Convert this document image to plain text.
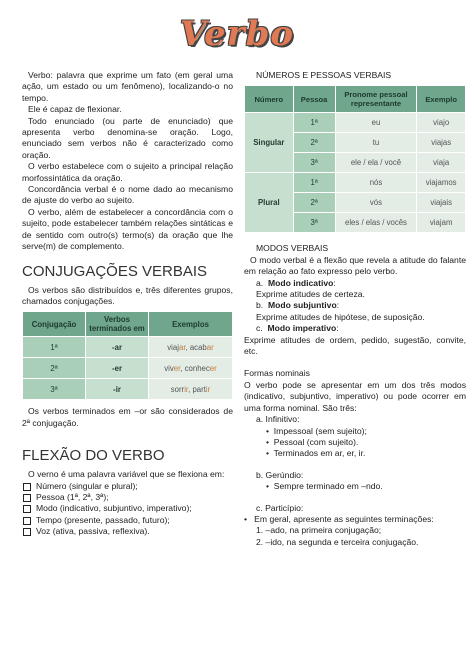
Verbo

Verbo: palavra que exprime um fato (em geral uma ação, um estado ou um fenômeno), localizando-o no tempo.

Ele é capaz de flexionar.

Todo enunciado (ou parte de enunciado) que apresenta verbo denomina-se oração. Logo, enunciado sem verbos não é caracterizado como oração.

O verbo estabelece com o sujeito a principal relação morfossintática da oração.

Concordância verbal é o nome dado ao mecanismo de ajuste do verbo ao sujeito.

O verbo, além de estabelecer a concordância com o sujeito, pode estabelecer também relações sintáticas e de sentido com outro(s) termo(s) da oração que lhe serve(m) de complemento.

CONJUGAÇÕES VERBAIS

Os verbos são distribuídos e, três diferentes grupos, chamados conjugações.

Conjugação	Verbos terminados em	Exemplos
1ª	-ar	viajar, acabar
2ª	-er	viver, conhecer
3ª	-ir	sorrir, partir

Os verbos terminados em –or são considerados de 2ª conjugação.

FLEXÃO DO VERBO

O verno é uma palavra variável que se flexiona em:

Número (singular e plural);
Pessoa (1ª, 2ª, 3ª);
Modo (indicativo, subjuntivo, imperativo);
Tempo (presente, passado, futuro);
Voz (ativa, passiva, reflexiva).
NÚMEROS E PESSOAS VERBAIS
Número	Pessoa	Pronome pessoal representante	Exemplo
Singular	1ª	eu	viajo
	2ª	tu	viajas
	3ª	ele / ela / você	viaja
Plural	1ª	nós	viajamos
	2ª	vós	viajais
	3ª	eles / elas / vocês	viajam
MODOS VERBAIS

O modo verbal é a flexão que revela a atitude do falante em relação ao fato expresso pelo verbo.

a. Modo indicativo:
Exprime atitudes de certeza.
b. Modo subjuntivo:
Exprime atitudes de hipótese, de suposição.
c. Modo imperativo:

Exprime atitudes de ordem, pedido, sugestão, convite, etc.

Formas nominais

O verbo pode se apresentar em um dos três modos (indicativo, subjuntivo, imperativo) ou pode ocorrer em uma forma nominal. São três:

a. Infinitivo:
•  Impessoal (sem sujeito);
•  Pessoal (com sujeito).
•  Terminados em ar, er, ir.
b. Gerúndio:
•  Sempre terminado em –ndo.
c. Particípio:

•   Em geral, apresente as seguintes terminações:

1. –ado, na primeira conjugação;
2. –ido, na segunda e terceira conjugação.
